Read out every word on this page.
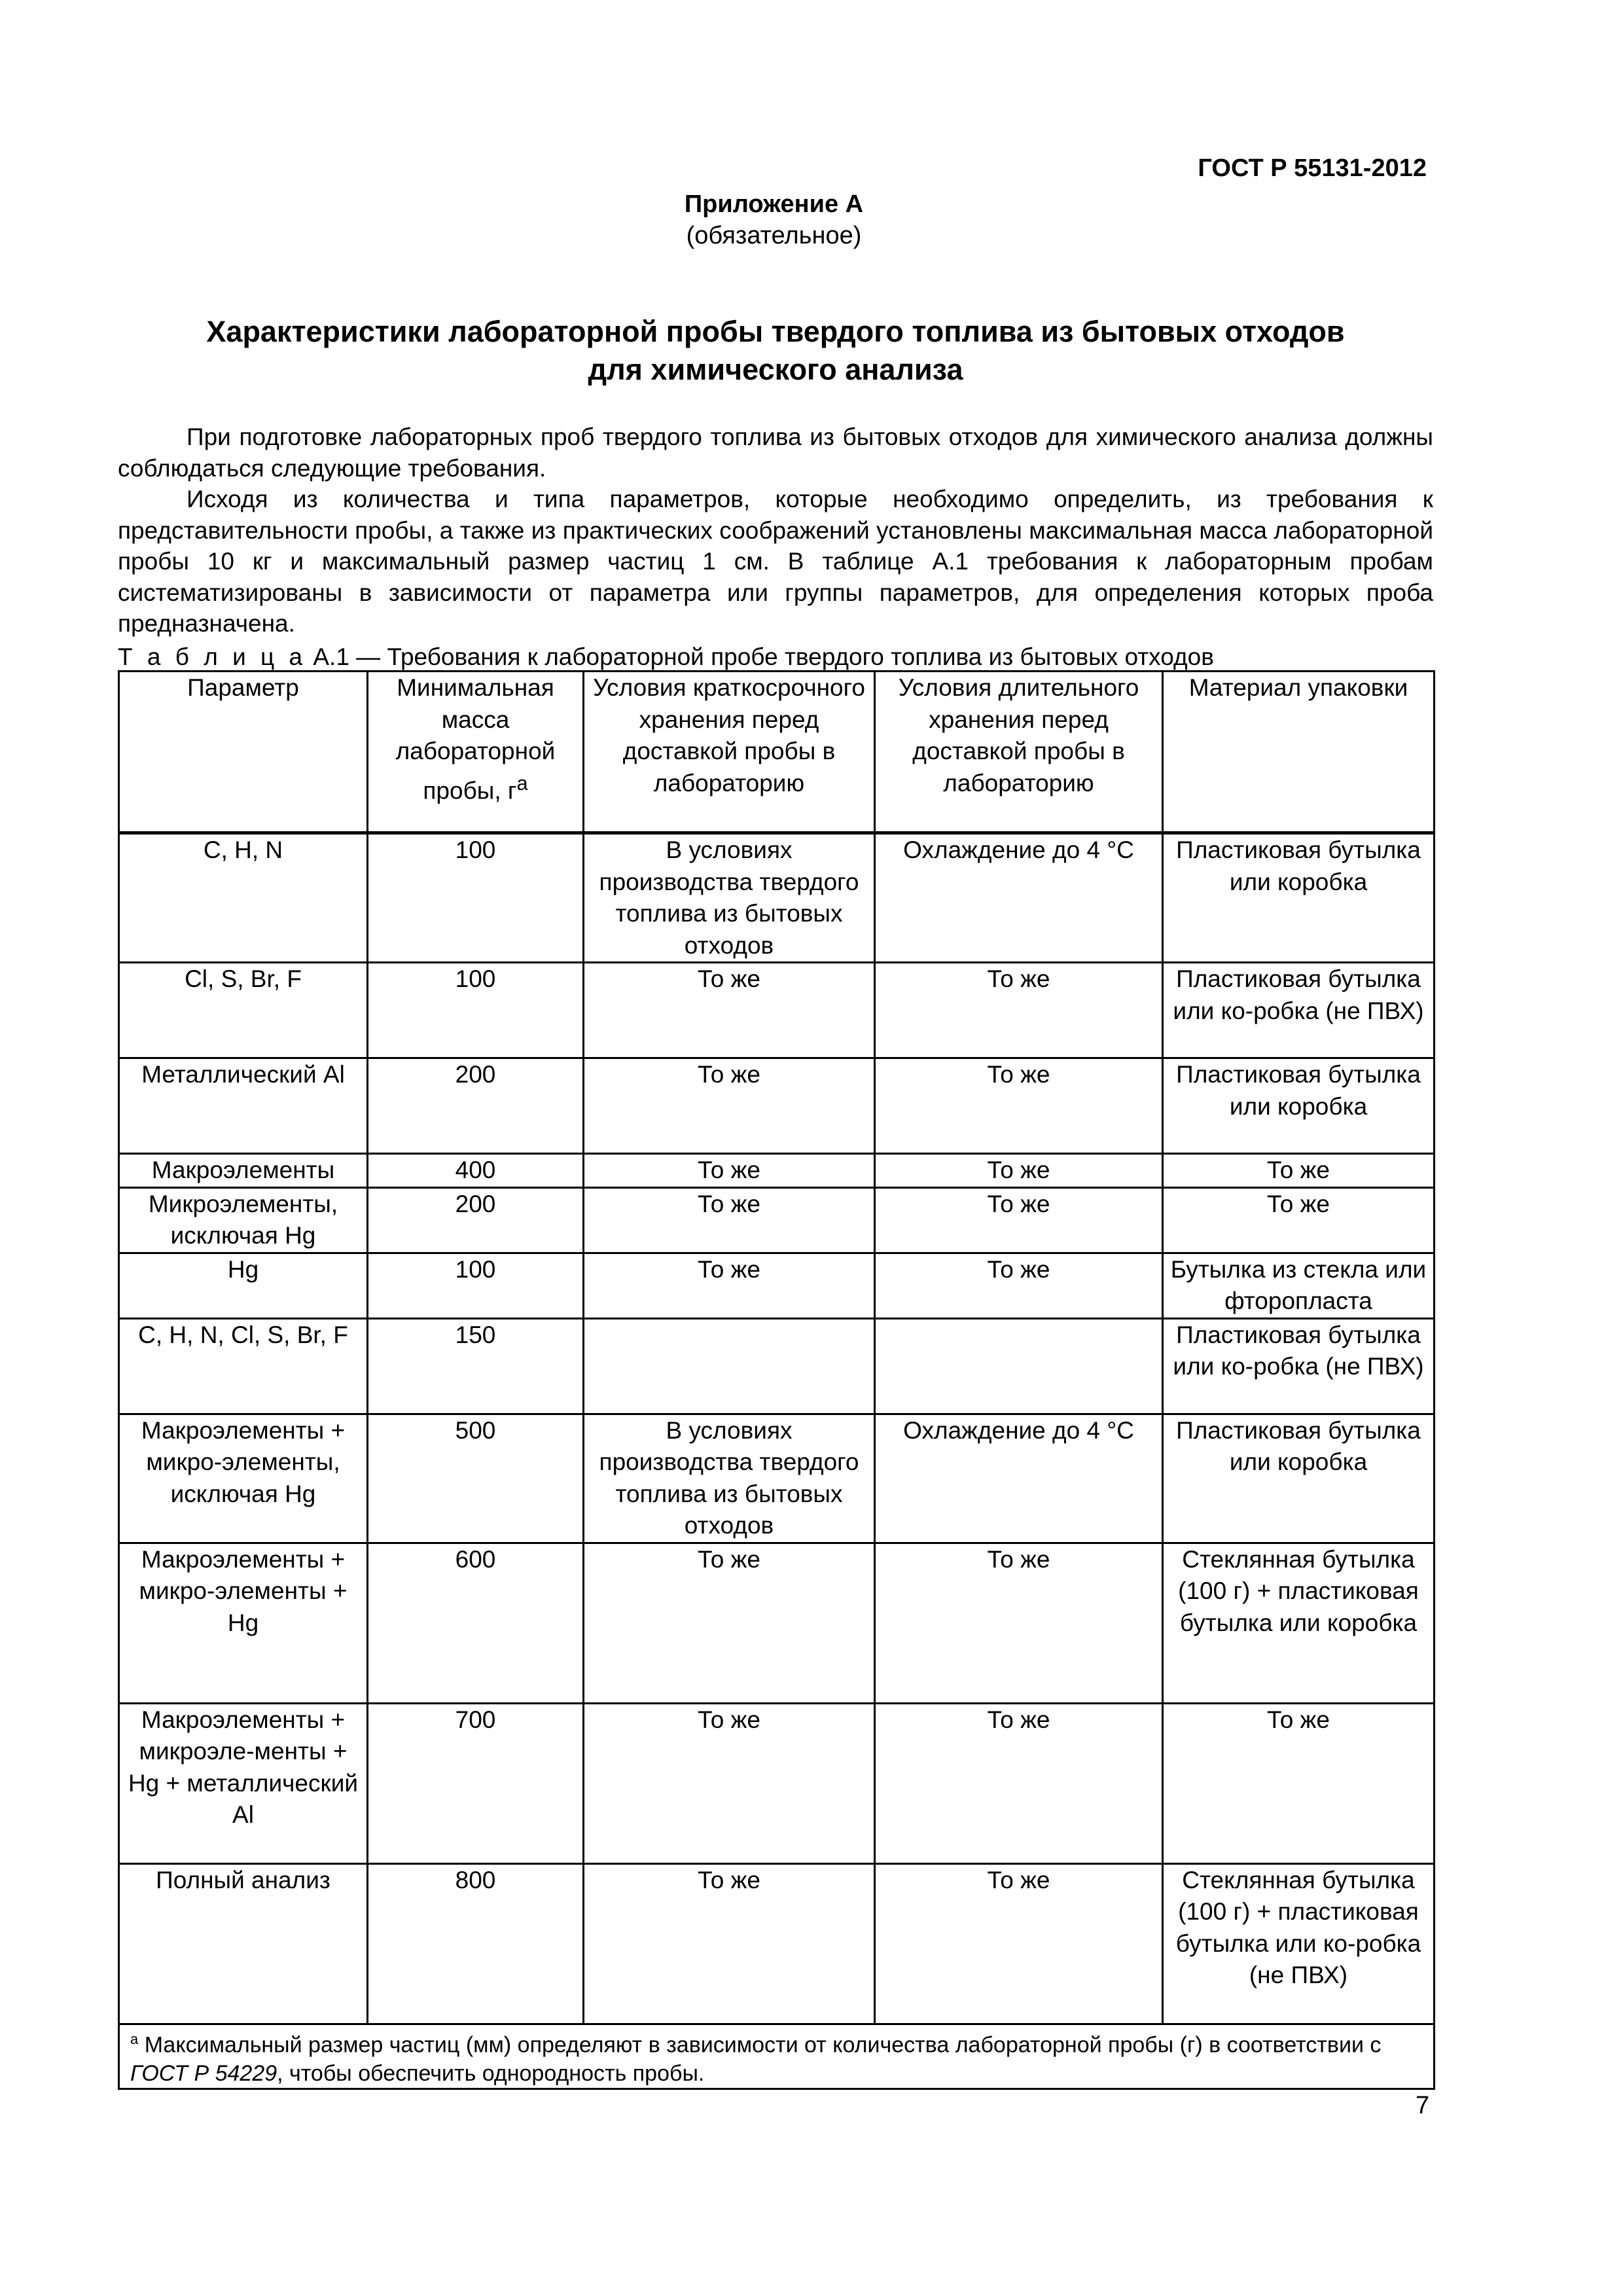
ГОСТ Р 55131-2012
Приложение А
(обязательное)
Характеристики лабораторной пробы твердого топлива из бытовых отходов
для химического анализа

При подготовке лабораторных проб твердого топлива из бытовых отходов для химического анализа должны соблюдаться следующие требования.

Исходя из количества и типа параметров, которые необходимо определить, из требования к представительности пробы, а также из практических соображений установлены максимальная масса лабораторной пробы 10 кг и максимальный размер частиц 1 см. В таблице А.1 требования к лабораторным пробам систематизированы в зависимости от параметра или группы параметров, для определения которых проба предназначена.

Т а б л и ц а А.1 — Требования к лабораторной пробе твердого топлива из бытовых отходов
Параметр	Минимальная масса лабораторной пробы, $г^а$	Условия краткосрочного хранения перед доставкой пробы в лабораторию	Условия длительного хранения перед доставкой пробы в лабораторию	Материал упаковки
C, H, N	100	В условиях производства твердого топлива из бытовых отходов	Охлаждение до 4 °C	Пластиковая бутылка или коробка
Cl, S, Br, F	100	То же	То же	Пластиковая бутылка или ко-робка (не ПВХ)
Металлический Al	200	То же	То же	Пластиковая бутылка или коробка
Макроэлементы	400	То же	То же	То же
Микроэлементы, исключая Hg	200	То же	То же	То же
Hg	100	То же	То же	Бутылка из стекла или фторопласта
C, H, N, Cl, S, Br, F	150			Пластиковая бутылка или ко-робка (не ПВХ)
Макроэлементы + микро-элементы, исключая Hg	500	В условиях производства твердого топлива из бытовых отходов	Охлаждение до 4 °C	Пластиковая бутылка или коробка
Макроэлементы + микро-элементы + Hg	600	То же	То же	Стеклянная бутылка (100 г) + пластиковая бутылка или коробка
Макроэлементы + микроэле-менты + Hg + металлический Al	700	То же	То же	То же
Полный анализ	800	То же	То же	Стеклянная бутылка (100 г) + пластиковая бутылка или ко-робка (не ПВХ)
$^а$ Максимальный размер частиц (мм) определяют в зависимости от количества лабораторной пробы (г) в соответствии с ГОСТ Р 54229, чтобы обеспечить однородность пробы.				
7
